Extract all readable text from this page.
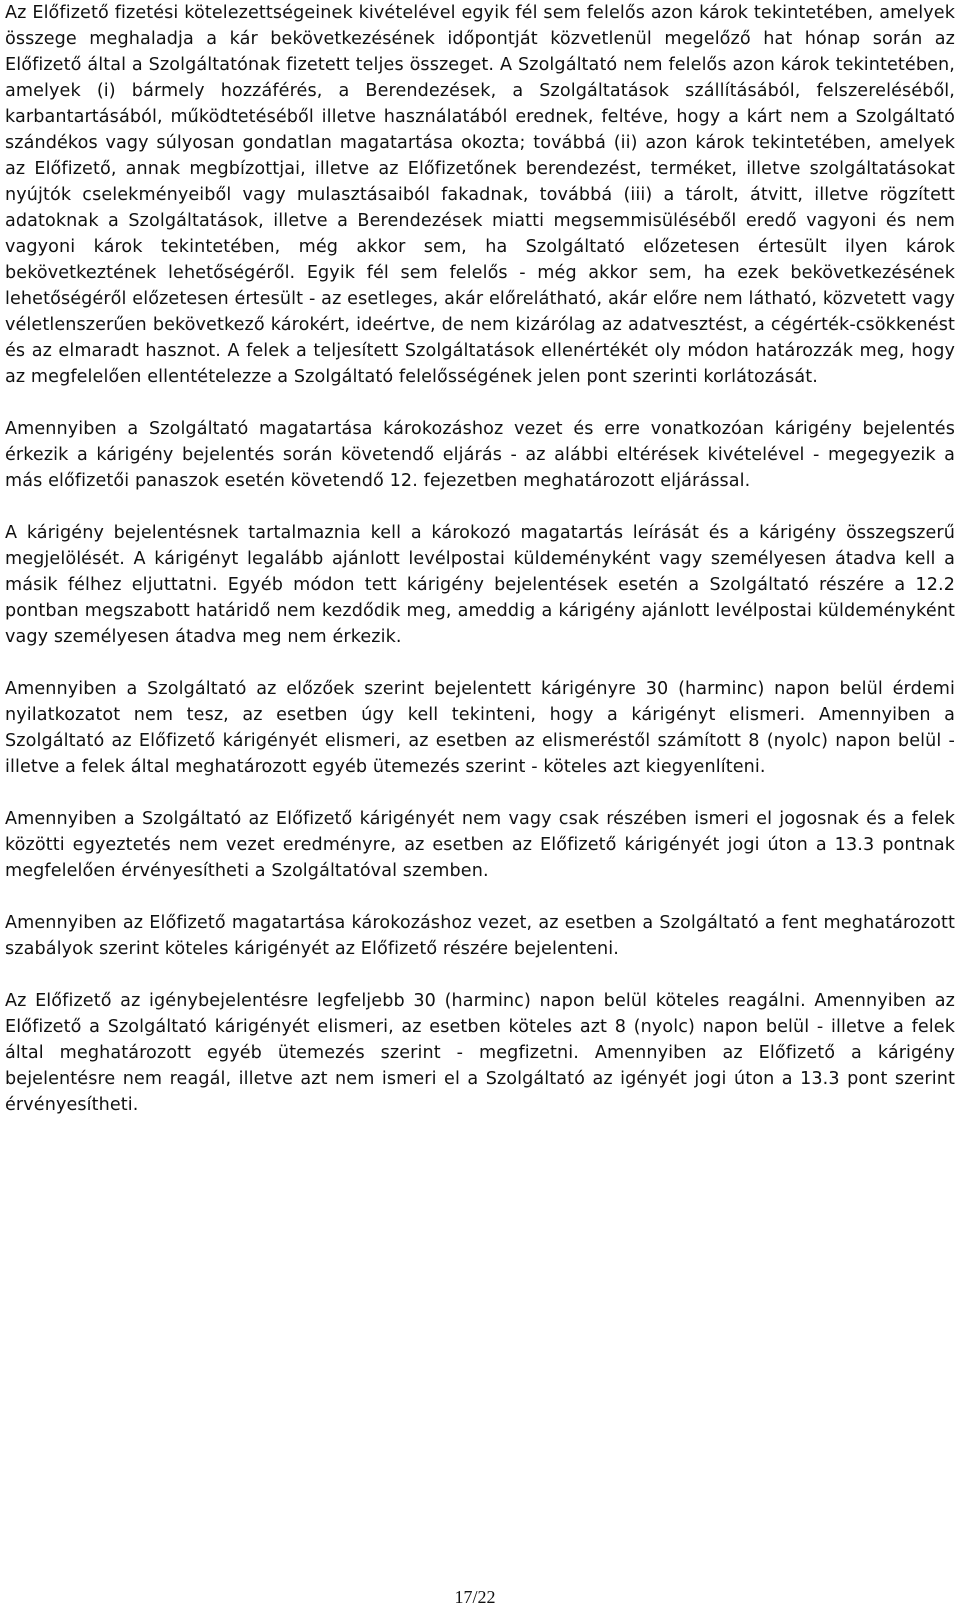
Az Előfizető fizetési kötelezettségeinek kivételével egyik fél sem felelős azon károk tekintetében, amelyek összege meghaladja a kár bekövetkezésének időpontját közvetlenül megelőző hat hónap során az Előfizető által a Szolgáltatónak fizetett teljes összeget. A Szolgáltató nem felelős azon károk tekintetében, amelyek (i) bármely hozzáférés, a Berendezések, a Szolgáltatások szállításából, felszereléséből, karbantartásából, működtetéséből illetve használatából erednek, feltéve, hogy a kárt nem a Szolgáltató szándékos vagy súlyosan gondatlan magatartása okozta; továbbá (ii) azon károk tekintetében, amelyek az Előfizető, annak megbízottjai, illetve az Előfizetőnek berendezést, terméket, illetve szolgáltatásokat nyújtók cselekményeiből vagy mulasztásaiból fakadnak, továbbá (iii) a tárolt, átvitt, illetve rögzített adatoknak a Szolgáltatások, illetve a Berendezések miatti megsemmisüléséből eredő vagyoni és nem vagyoni károk tekintetében, még akkor sem, ha Szolgáltató előzetesen értesült ilyen károk bekövetkeztének lehetőségéről. Egyik fél sem felelős - még akkor sem, ha ezek bekövetkezésének lehetőségéről előzetesen értesült - az esetleges, akár előrelátható, akár előre nem látható, közvetett vagy véletlenszerűen bekövetkező károkért, ideértve, de nem kizárólag az adatvesztést, a cégérték-csökkenést és az elmaradt hasznot. A felek a teljesített Szolgáltatások ellenértékét oly módon határozzák meg, hogy az megfelelően ellentételezze a Szolgáltató felelősségének jelen pont szerinti korlátozását.

Amennyiben a Szolgáltató magatartása károkozáshoz vezet és erre vonatkozóan kárigény bejelentés érkezik a kárigény bejelentés során követendő eljárás - az alábbi eltérések kivételével - megegyezik a más előfizetői panaszok esetén követendő 12. fejezetben meghatározott eljárással.

A kárigény bejelentésnek tartalmaznia kell a károkozó magatartás leírását és a kárigény összegszerű megjelölését. A kárigényt legalább ajánlott levélpostai küldeményként vagy személyesen átadva kell a másik félhez eljuttatni. Egyéb módon tett kárigény bejelentések esetén a Szolgáltató részére a 12.2 pontban megszabott határidő nem kezdődik meg, ameddig a kárigény ajánlott levélpostai küldeményként vagy személyesen átadva meg nem érkezik.

Amennyiben a Szolgáltató az előzőek szerint bejelentett kárigényre 30 (harminc) napon belül érdemi nyilatkozatot nem tesz, az esetben úgy kell tekinteni, hogy a kárigényt elismeri. Amennyiben a Szolgáltató az Előfizető kárigényét elismeri, az esetben az elismeréstől számított 8 (nyolc) napon belül - illetve a felek által meghatározott egyéb ütemezés szerint - köteles azt kiegyenlíteni.

Amennyiben a Szolgáltató az Előfizető kárigényét nem vagy csak részében ismeri el jogosnak és a felek közötti egyeztetés nem vezet eredményre, az esetben az Előfizető kárigényét jogi úton a 13.3 pontnak megfelelően érvényesítheti a Szolgáltatóval szemben.

Amennyiben az Előfizető magatartása károkozáshoz vezet, az esetben a Szolgáltató a fent meghatározott szabályok szerint köteles kárigényét az Előfizető részére bejelenteni.

Az Előfizető az igénybejelentésre legfeljebb 30 (harminc) napon belül köteles reagálni. Amennyiben az Előfizető a Szolgáltató kárigényét elismeri, az esetben köteles azt 8 (nyolc) napon belül - illetve a felek által meghatározott egyéb ütemezés szerint - megfizetni. Amennyiben az Előfizető a kárigény bejelentésre nem reagál, illetve azt nem ismeri el a Szolgáltató az igényét jogi úton a 13.3 pont szerint érvényesítheti.

17/22
